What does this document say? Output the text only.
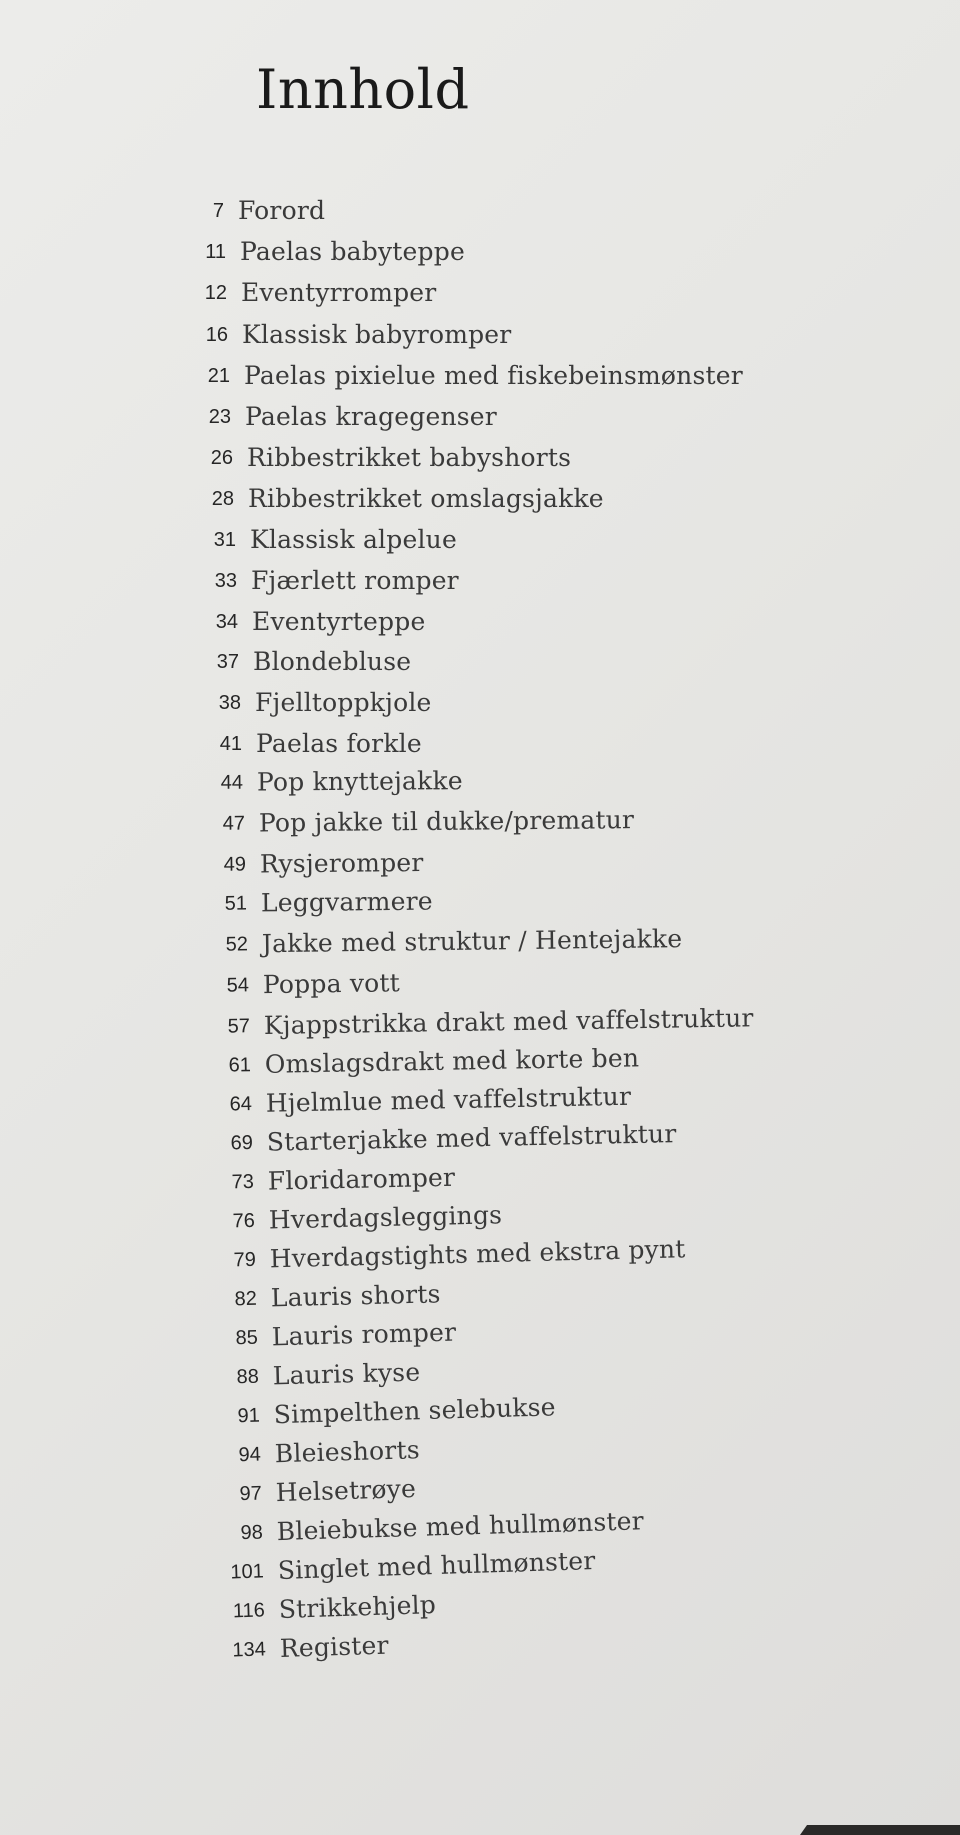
Innhold
7 Forord
11 Paelas babyteppe
12 Eventyrromper
16 Klassisk babyromper
21 Paelas pixielue med fiskebeinsmønster
23 Paelas kragegenser
26 Ribbestrikket babyshorts
28 Ribbestrikket omslagsjakke
31 Klassisk alpelue
33 Fjærlett romper
34 Eventyrteppe
37 Blondebluse
38 Fjelltoppkjole
41 Paelas forkle
44 Pop knyttejakke
47 Pop jakke til dukke/prematur
49 Rysjeromper
51 Leggvarmere
52 Jakke med struktur / Hentejakke
54 Poppa vott
57 Kjappstrikka drakt med vaffelstruktur
61 Omslagsdrakt med korte ben
64 Hjelmlue med vaffelstruktur
69 Starterjakke med vaffelstruktur
73 Floridaromper
76 Hverdagsleggings
79 Hverdagstights med ekstra pynt
82 Lauris shorts
85 Lauris romper
88 Lauris kyse
91 Simpelthen selebukse
94 Bleieshorts
97 Helsetrøye
98 Bleiebukse med hullmønster
101 Singlet med hullmønster
116 Strikkehjelp
134 Register
